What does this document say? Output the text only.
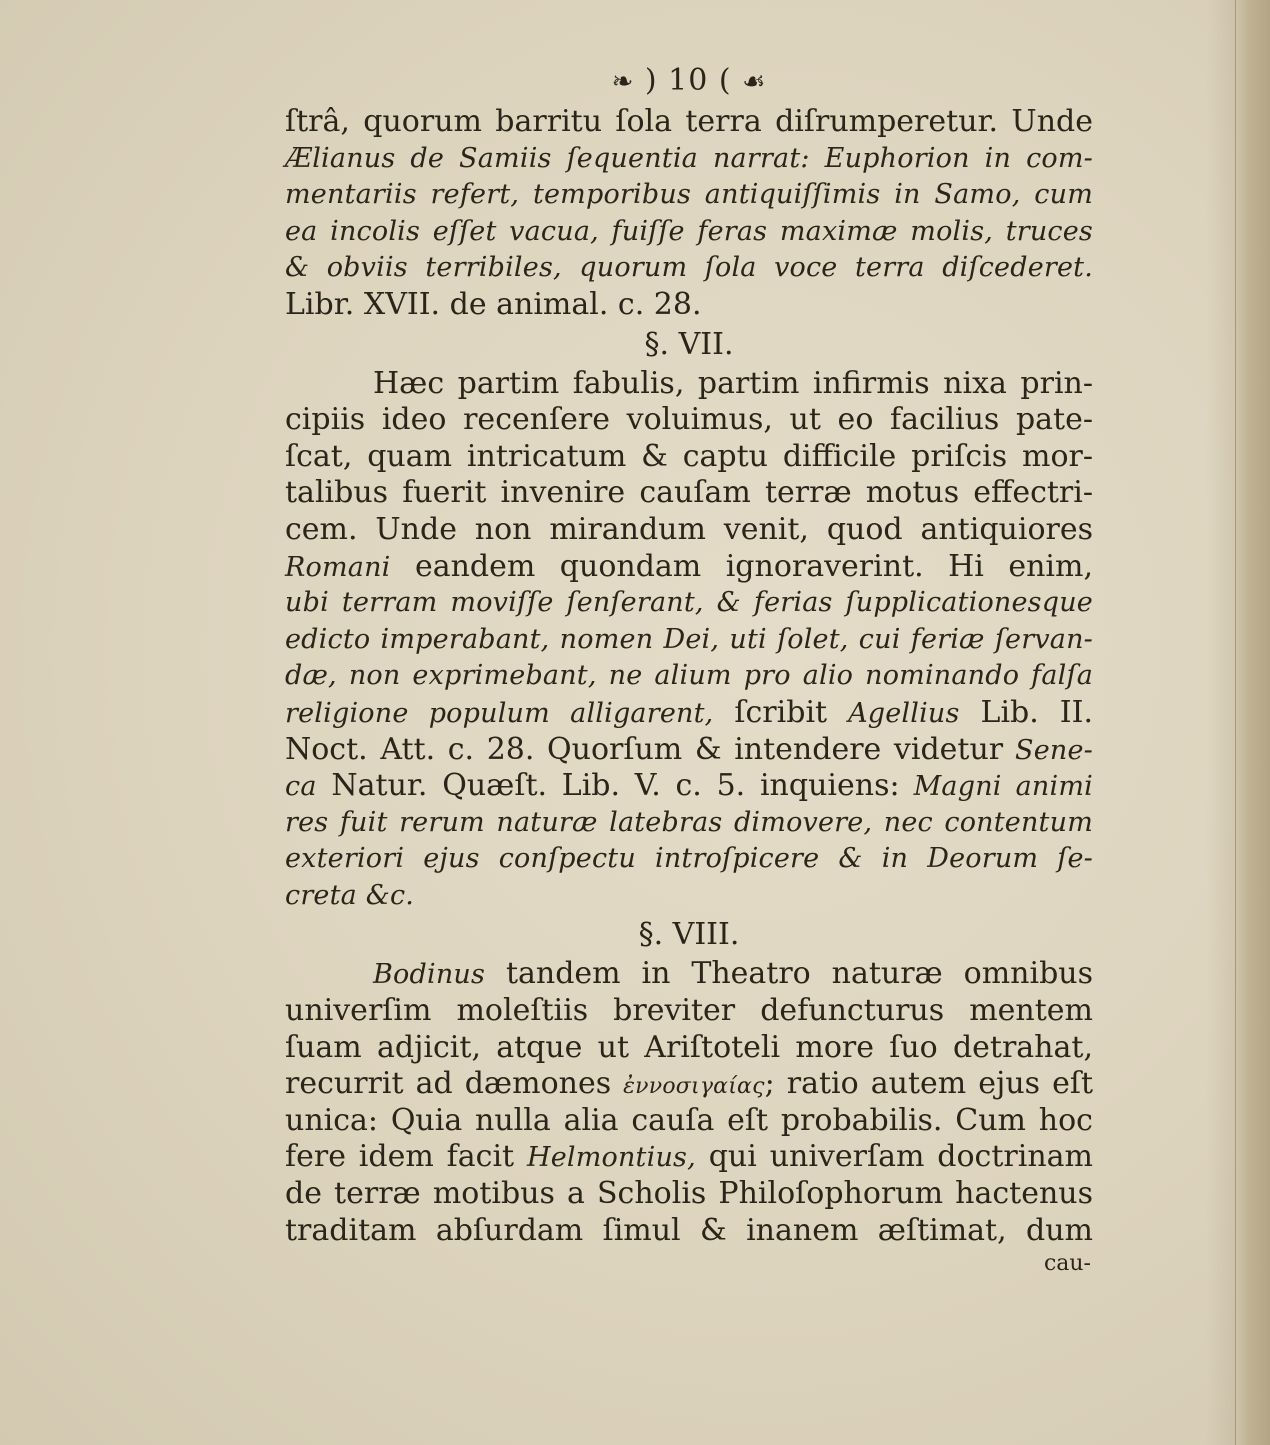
❧ ) 10 ( ☙
ſtrâ, quorum barritu ſola terra diſrumperetur. Unde
Ælianus de Samiis ſequentia narrat: Euphorion in com-
mentariis refert, temporibus antiquiſſimis in Samo, cum
ea incolis eſſet vacua, fuiſſe feras maximæ molis, truces
& obviis terribiles, quorum ſola voce terra diſcederet.
Libr. XVII. de animal. c. 28.
§. VII.
Hæc partim fabulis, partim infirmis nixa prin-
cipiis ideo recenſere voluimus, ut eo facilius pate-
ſcat, quam intricatum & captu difficile priſcis mor-
talibus fuerit invenire cauſam terræ motus effectri-
cem. Unde non mirandum venit, quod antiquiores
Romani eandem quondam ignoraverint. Hi enim,
ubi terram moviſſe ſenſerant, & ferias ſupplicationesque
edicto imperabant, nomen Dei, uti ſolet, cui feriæ ſervan-
dæ, non exprimebant, ne alium pro alio nominando falſa
religione populum alligarent, ſcribit Agellius Lib. II.
Noct. Att. c. 28. Quorſum & intendere videtur Sene-
ca Natur. Quæſt. Lib. V. c. 5. inquiens: Magni animi
res fuit rerum naturæ latebras dimovere, nec contentum
exteriori ejus conſpectu introſpicere & in Deorum ſe-
creta &c.
§. VIII.
Bodinus tandem in Theatro naturæ omnibus
univerſim moleſtiis breviter defuncturus mentem
ſuam adjicit, atque ut Ariſtoteli more ſuo detrahat,
recurrit ad dæmones ἐννοσιγαίας; ratio autem ejus eſt
unica: Quia nulla alia cauſa eſt probabilis. Cum hoc
fere idem facit Helmontius, qui univerſam doctrinam
de terræ motibus a Scholis Philoſophorum hactenus
traditam abſurdam ſimul & inanem æſtimat, dum
cau-
